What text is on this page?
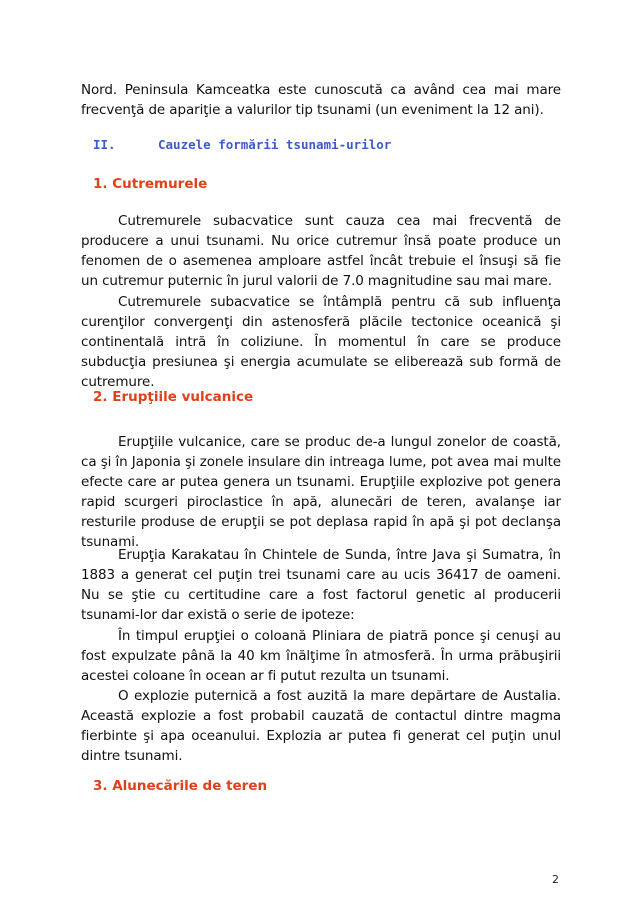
Nord. Peninsula Kamceatka este cunoscută ca având cea mai mare frecvenţă de apariţie a valurilor tip tsunami (un eveniment la 12 ani).

II.	Cauzele formării tsunami-urilor

1. Cutremurele

Cutremurele subacvatice sunt cauza cea mai frecventă de producere a unui tsunami. Nu orice cutremur însă poate produce un fenomen de o asemenea amploare astfel încât trebuie el însuşi să fie un cutremur puternic în jurul valorii de 7.0 magnitudine sau mai mare.

Cutremurele subacvatice se întâmplă pentru că sub influenţa curenţilor convergenţi din astenosferă plăcile tectonice oceanică şi continentală intră în coliziune. În momentul în care se produce subducţia presiunea şi energia acumulate se eliberează sub formă de cutremure.

2. Erupţiile vulcanice

Erupţiile vulcanice, care se produc de-a lungul zonelor de coastă, ca şi în Japonia şi zonele insulare din intreaga lume, pot avea mai multe efecte care ar putea genera un tsunami. Erupţiile explozive pot genera rapid scurgeri piroclastice în apă, alunecări de teren, avalanşe iar resturile produse de erupţii se pot deplasa rapid în apă şi pot declanşa tsunami.

Erupţia Karakatau în Chintele de Sunda, între Java şi Sumatra, în 1883 a generat cel puţin trei tsunami care au ucis 36417 de oameni. Nu se ştie cu certitudine care a fost factorul genetic al producerii tsunami-lor dar există o serie de ipoteze:

În timpul erupţiei o coloană Pliniara de piatră ponce şi cenuşi au fost expulzate până la 40 km înălţime în atmosferă. În urma prăbuşirii acestei coloane în ocean ar fi putut rezulta un tsunami.

O explozie puternică a fost auzită la mare depărtare de Austalia. Această explozie a fost probabil cauzată de contactul dintre magma fierbinte şi apa oceanului. Explozia ar putea fi generat cel puţin unul dintre tsunami.

3. Alunecările de teren

2
